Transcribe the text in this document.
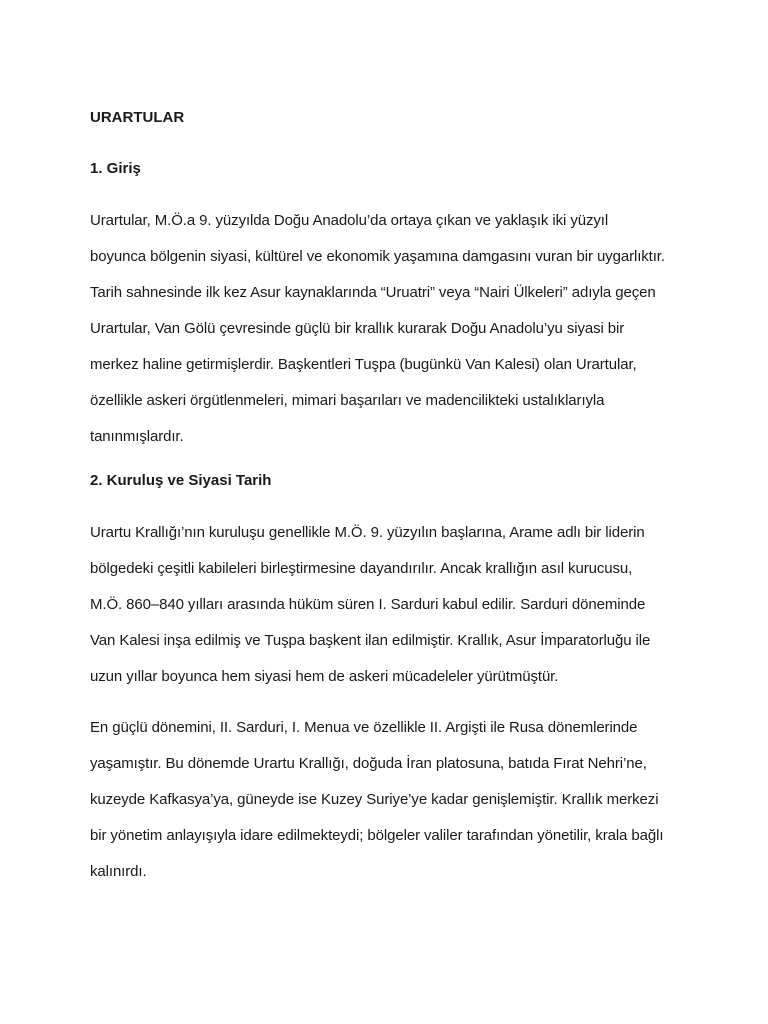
URARTULAR
1. Giriş

Urartular, M.Ö.a 9. yüzyılda Doğu Anadolu’da ortaya çıkan ve yaklaşık iki yüzyıl
boyunca bölgenin siyasi, kültürel ve ekonomik yaşamına damgasını vuran bir uygarlıktır.
Tarih sahnesinde ilk kez Asur kaynaklarında “Uruatri” veya “Nairi Ülkeleri” adıyla geçen
Urartular, Van Gölü çevresinde güçlü bir krallık kurarak Doğu Anadolu’yu siyasi bir
merkez haline getirmişlerdir. Başkentleri Tuşpa (bugünkü Van Kalesi) olan Urartular,
özellikle askeri örgütlenmeleri, mimari başarıları ve madencilikteki ustalıklarıyla
tanınmışlardır.

2. Kuruluş ve Siyasi Tarih

Urartu Krallığı’nın kuruluşu genellikle M.Ö. 9. yüzyılın başlarına, Arame adlı bir liderin
bölgedeki çeşitli kabileleri birleştirmesine dayandırılır. Ancak krallığın asıl kurucusu,
M.Ö. 860–840 yılları arasında hüküm süren I. Sarduri kabul edilir. Sarduri döneminde
Van Kalesi inşa edilmiş ve Tuşpa başkent ilan edilmiştir. Krallık, Asur İmparatorluğu ile
uzun yıllar boyunca hem siyasi hem de askeri mücadeleler yürütmüştür.

En güçlü dönemini, II. Sarduri, I. Menua ve özellikle II. Argişti ile Rusa dönemlerinde
yaşamıştır. Bu dönemde Urartu Krallığı, doğuda İran platosuna, batıda Fırat Nehri’ne,
kuzeyde Kafkasya’ya, güneyde ise Kuzey Suriye’ye kadar genişlemiştir. Krallık merkezi
bir yönetim anlayışıyla idare edilmekteydi; bölgeler valiler tarafından yönetilir, krala bağlı
kalınırdı.
